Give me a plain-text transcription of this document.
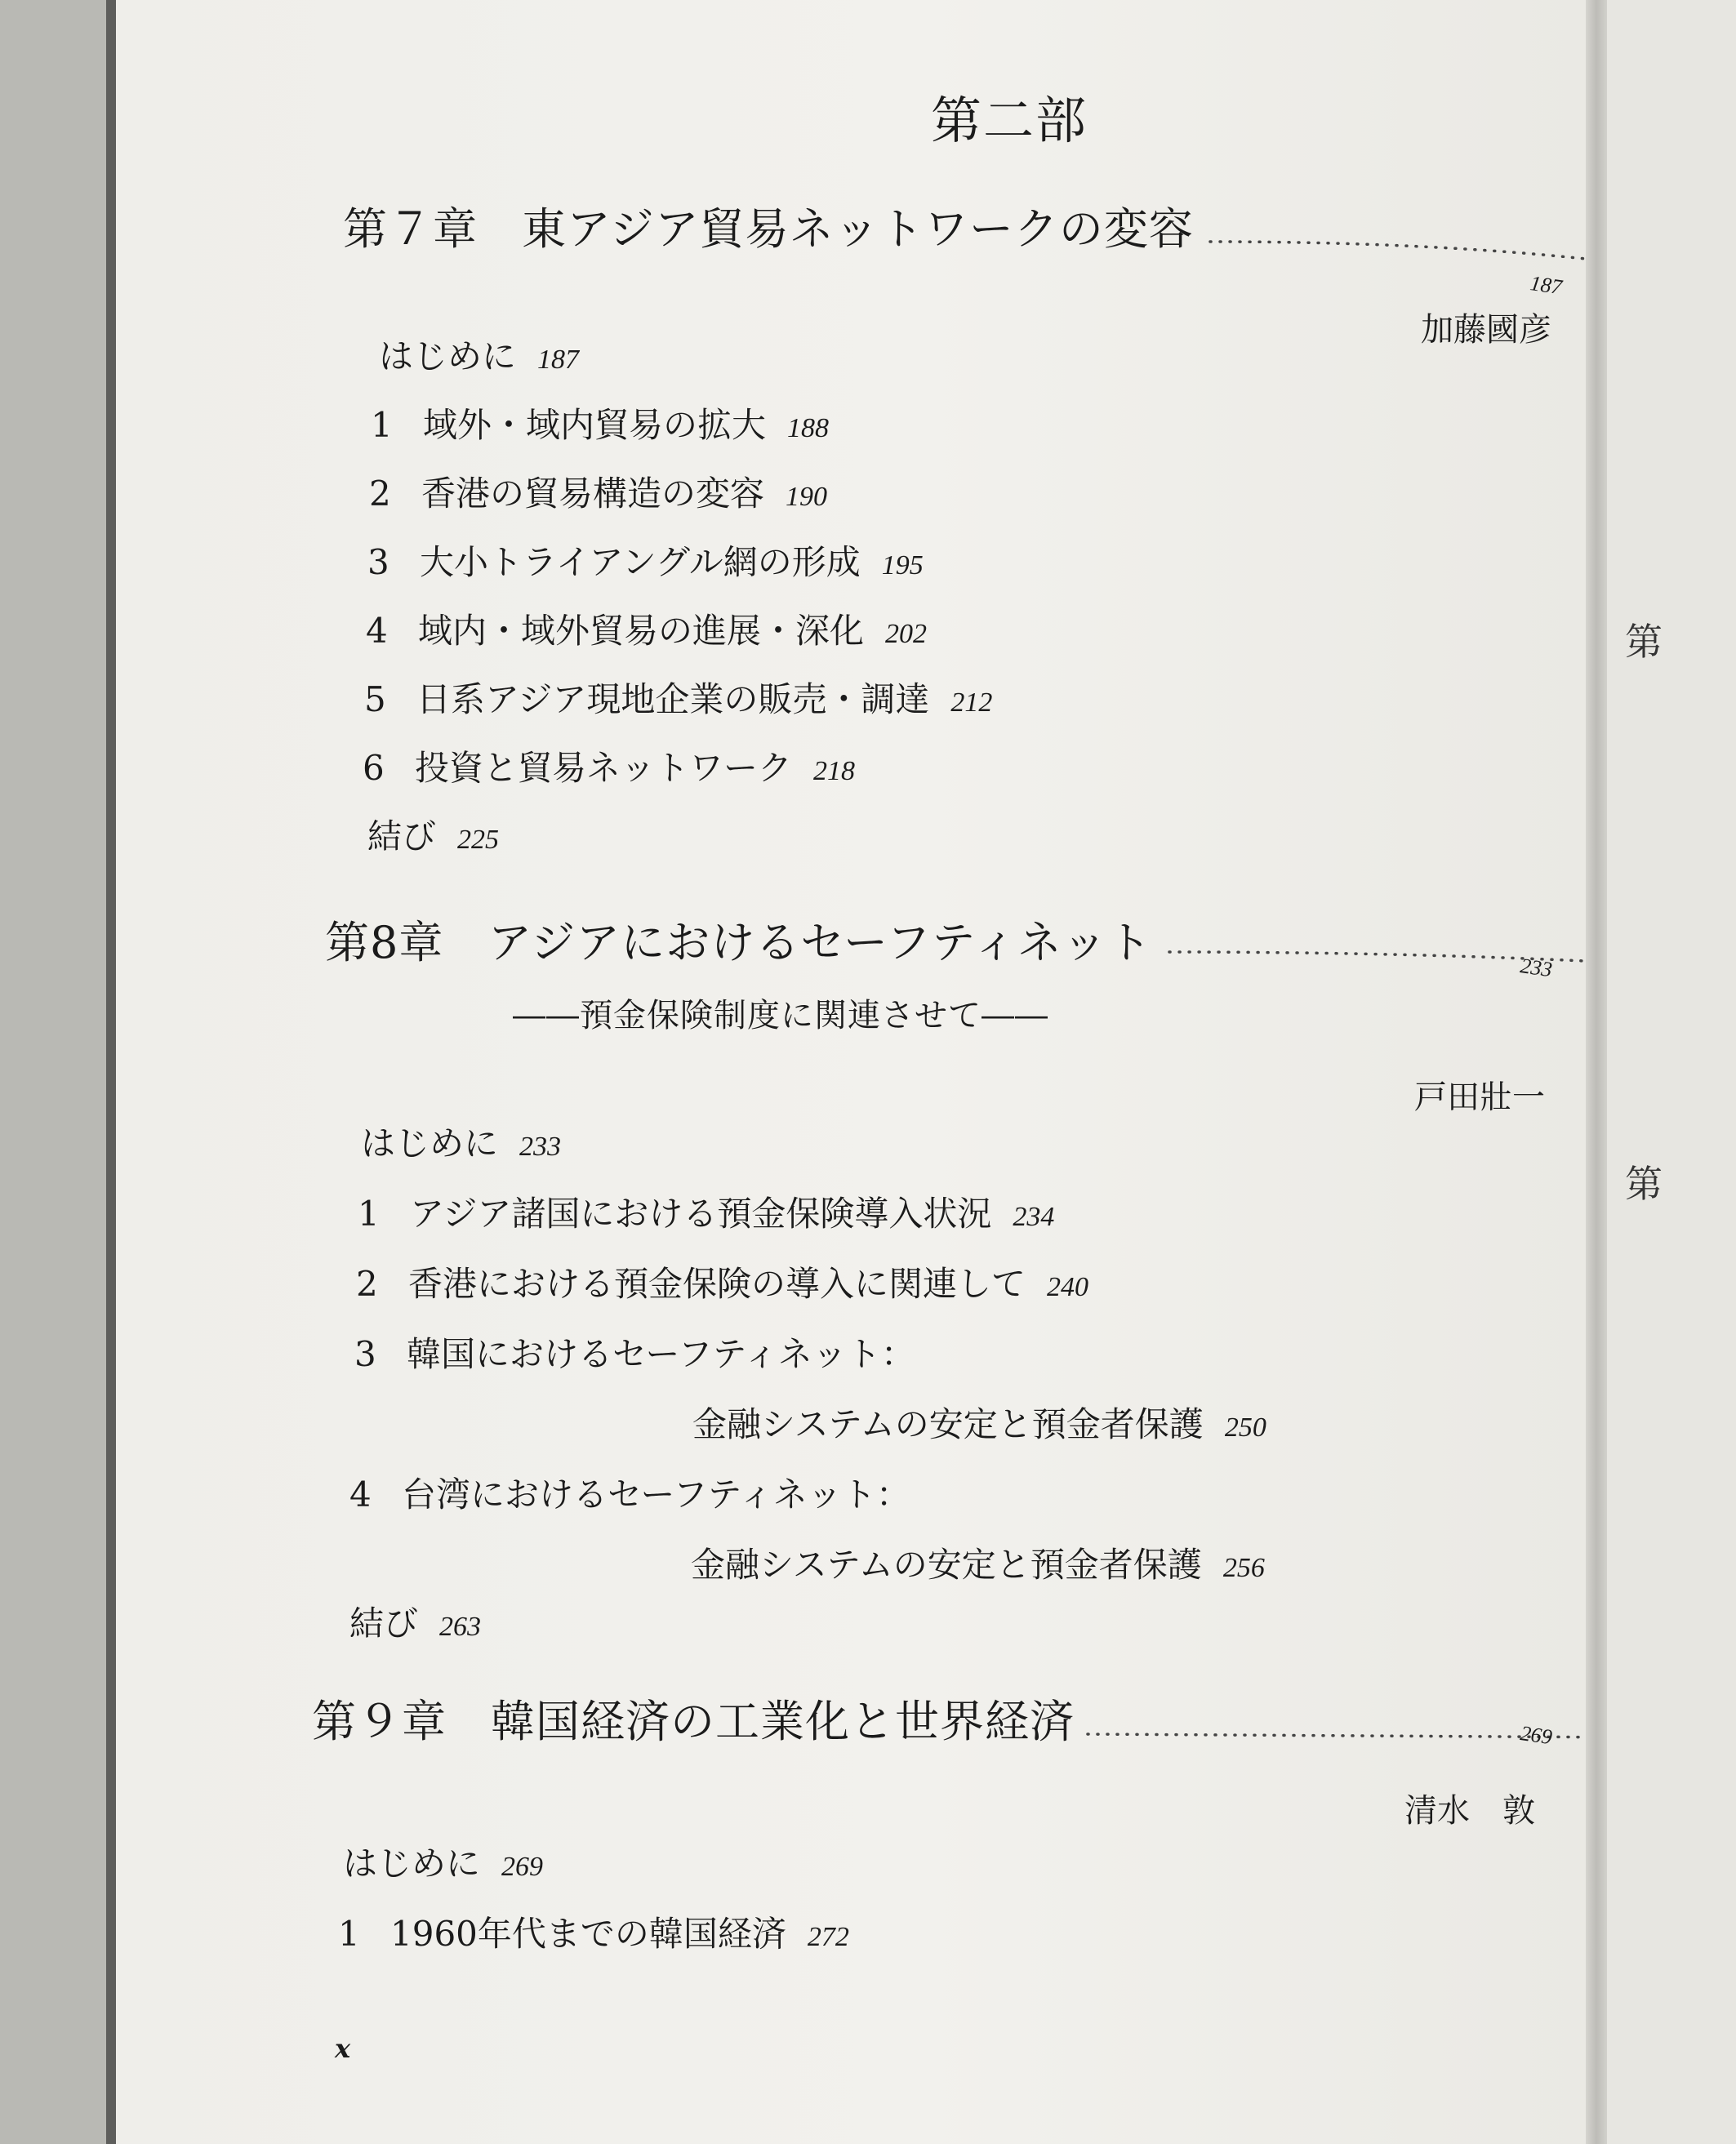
第二部
第７章 東アジア貿易ネットワークの変容
187
加藤國彦
はじめに 187
1 域外・域内貿易の拡大 188
2 香港の貿易構造の変容 190
3 大小トライアングル網の形成 195
4 域内・域外貿易の進展・深化 202
5 日系アジア現地企業の販売・調達 212
6 投資と貿易ネットワーク 218
結び 225
第8章 アジアにおけるセーフティネット	233
――預金保険制度に関連させて――
戸田壯一
はじめに 233
1 アジア諸国における預金保険導入状況 234
2 香港における預金保険の導入に関連して 240
3 韓国におけるセーフティネット：
金融システムの安定と預金者保護 250
4 台湾におけるセーフティネット：
金融システムの安定と預金者保護 256
結び 263
第９章 韓国経済の工業化と世界経済	269
清水　敦
はじめに 269
1 1960年代までの韓国経済 272
x
第
第
